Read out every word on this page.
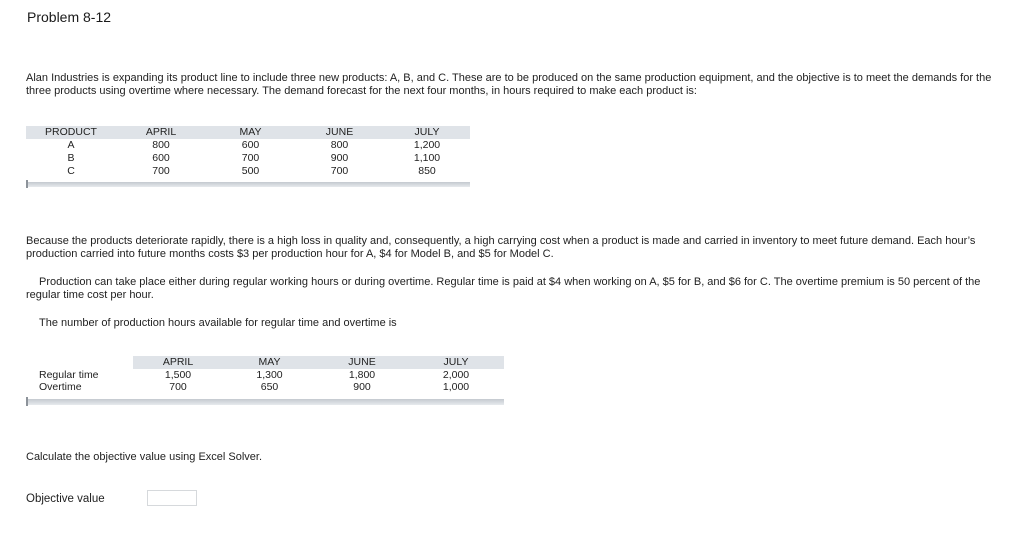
Problem 8-12
Alan Industries is expanding its product line to include three new products: A, B, and C. These are to be produced on the same production equipment, and the objective is to meet the demands for the three products using overtime where necessary. The demand forecast for the next four months, in hours required to make each product is:
PRODUCT	APRIL	MAY	JUNE	JULY
A	800	600	800	1,200
B	600	700	900	1,100
C	700	500	700	850
Because the products deteriorate rapidly, there is a high loss in quality and, consequently, a high carrying cost when a product is made and carried in inventory to meet future demand. Each hour’s production carried into future months costs $3 per production hour for A, $4 for Model B, and $5 for Model C.
Production can take place either during regular working hours or during overtime. Regular time is paid at $4 when working on A, $5 for B, and $6 for C. The overtime premium is 50 percent of the regular time cost per hour.
The number of production hours available for regular time and overtime is
	APRIL	MAY	JUNE	JULY
Regular time	1,500	1,300	1,800	2,000
Overtime	700	650	900	1,000
Calculate the objective value using Excel Solver.
Objective value
